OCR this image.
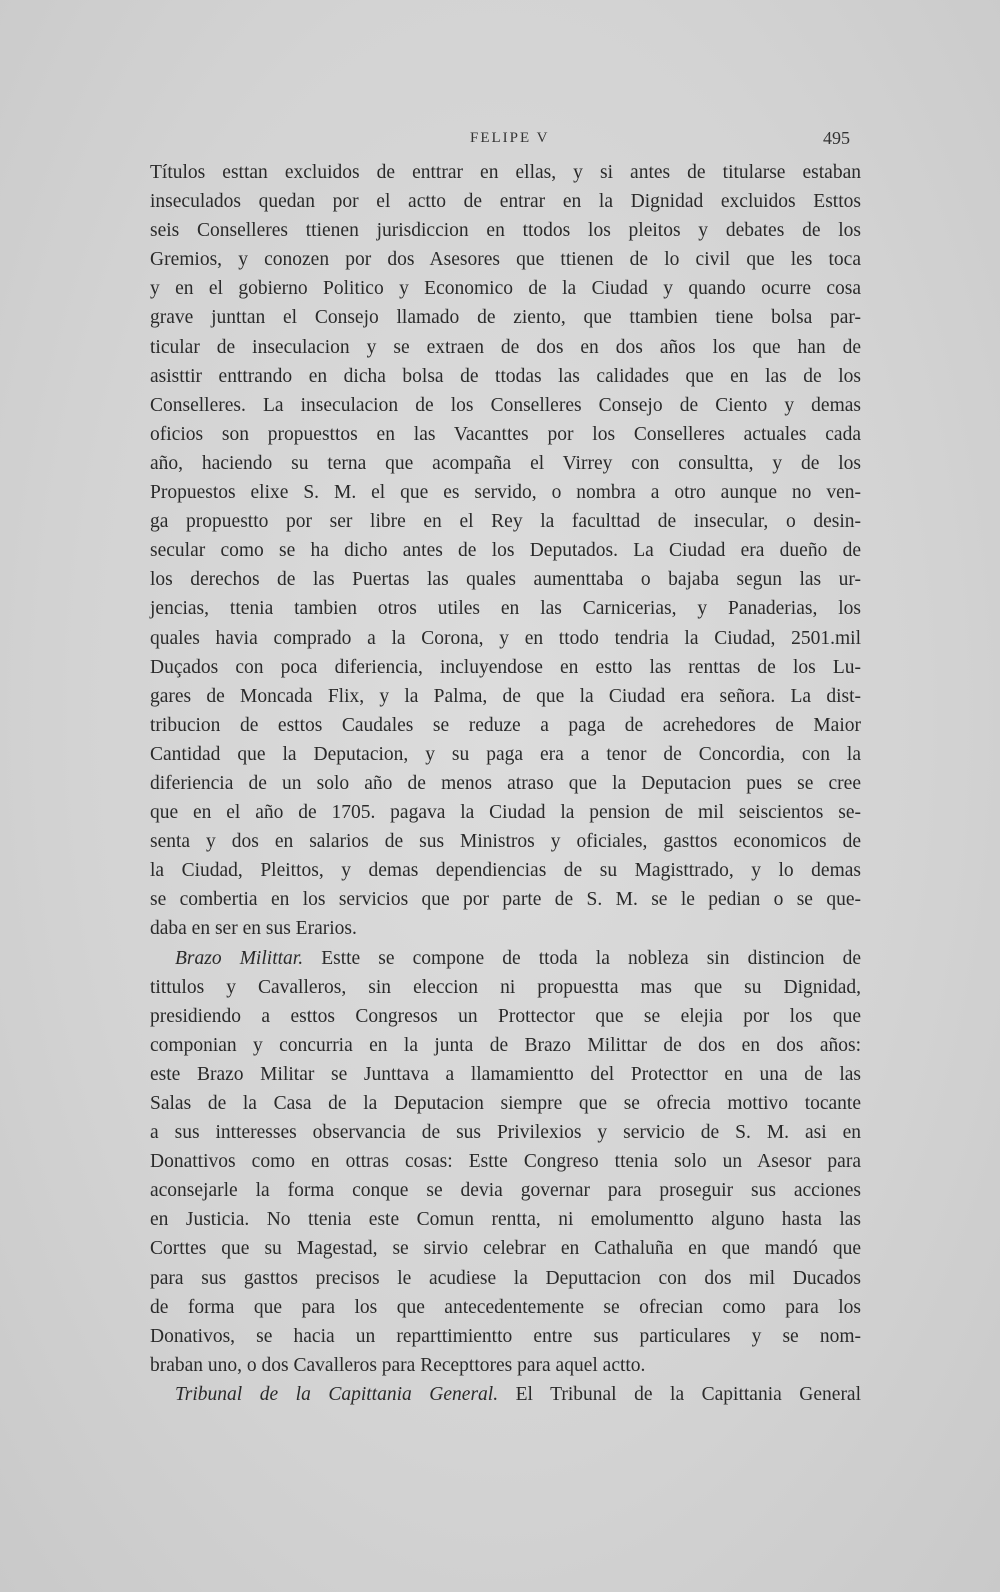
FELIPE V	495
Títulos esttan excluidos de enttrar en ellas, y si antes de titularse estaban
inseculados quedan por el actto de entrar en la Dignidad excluidos Esttos
seis Conselleres ttienen jurisdiccion en ttodos los pleitos y debates de los
Gremios, y conozen por dos Asesores que ttienen de lo civil que les toca
y en el gobierno Politico y Economico de la Ciudad y quando ocurre cosa
grave junttan el Consejo llamado de ziento, que ttambien tiene bolsa par-
ticular de inseculacion y se extraen de dos en dos años los que han de
asisttir enttrando en dicha bolsa de ttodas las calidades que en las de los
Conselleres. La inseculacion de los Conselleres Consejo de Ciento y demas
oficios son propuesttos en las Vacanttes por los Conselleres actuales cada
año, haciendo su terna que acompaña el Virrey con consultta, y de los
Propuestos elixe S. M. el que es servido, o nombra a otro aunque no ven-
ga propuestto por ser libre en el Rey la faculttad de insecular, o desin-
secular como se ha dicho antes de los Deputados. La Ciudad era dueño de
los derechos de las Puertas las quales aumenttaba o bajaba segun las ur-
jencias, ttenia tambien otros utiles en las Carnicerias, y Panaderias, los
quales havia comprado a la Corona, y en ttodo tendria la Ciudad, 2501.mil
Duçados con poca diferiencia, incluyendose en estto las renttas de los Lu-
gares de Moncada Flix, y la Palma, de que la Ciudad era señora. La dist-
tribucion de esttos Caudales se reduze a paga de acrehedores de Maior
Cantidad que la Deputacion, y su paga era a tenor de Concordia, con la
diferiencia de un solo año de menos atraso que la Deputacion pues se cree
que en el año de 1705. pagava la Ciudad la pension de mil seiscientos se-
senta y dos en salarios de sus Ministros y oficiales, gasttos economicos de
la Ciudad, Pleittos, y demas dependiencias de su Magisttrado, y lo demas
se combertia en los servicios que por parte de S. M. se le pedian o se que-
daba en ser en sus Erarios.
Brazo Milittar. Estte se compone de ttoda la nobleza sin distincion de
tittulos y Cavalleros, sin eleccion ni propuestta mas que su Dignidad,
presidiendo a esttos Congresos un Prottector que se elejia por los que
componian y concurria en la junta de Brazo Milittar de dos en dos años:
este Brazo Militar se Junttava a llamamientto del Protecttor en una de las
Salas de la Casa de la Deputacion siempre que se ofrecia mottivo tocante
a sus intteresses observancia de sus Privilexios y servicio de S. M. asi en
Donattivos como en ottras cosas: Estte Congreso ttenia solo un Asesor para
aconsejarle la forma conque se devia governar para proseguir sus acciones
en Justicia. No ttenia este Comun rentta, ni emolumentto alguno hasta las
Corttes que su Magestad, se sirvio celebrar en Cathaluña en que mandó que
para sus gasttos precisos le acudiese la Deputtacion con dos mil Ducados
de forma que para los que antecedentemente se ofrecian como para los
Donativos, se hacia un reparttimientto entre sus particulares y se nom-
braban uno, o dos Cavalleros para Recepttores para aquel actto.
Tribunal de la Capittania General. El Tribunal de la Capittania General
